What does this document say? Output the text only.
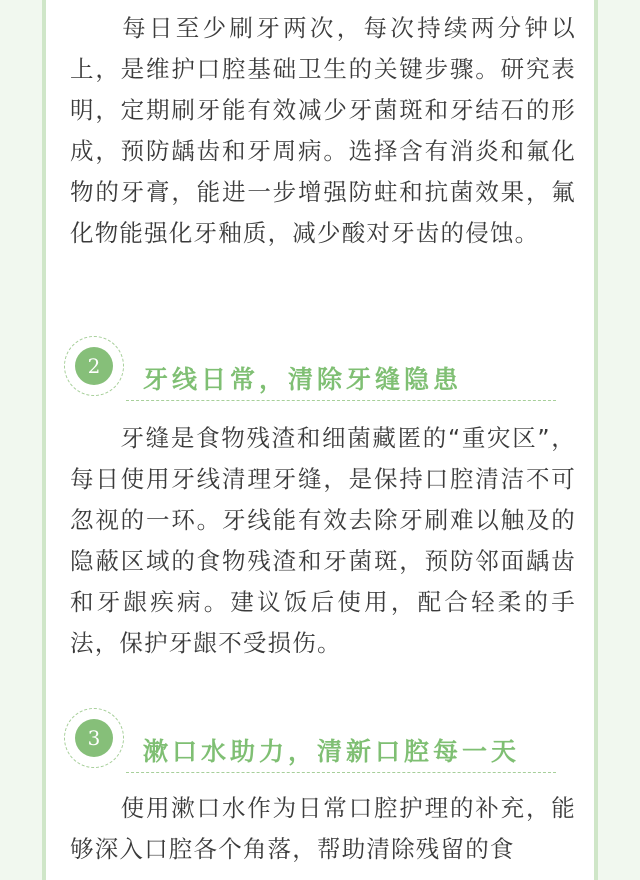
每日至少刷牙两次，每次持续两分钟以上，是维护口腔基础卫生的关键步骤。研究表明，定期刷牙能有效减少牙菌斑和牙结石的形成，预防龋齿和牙周病。选择含有消炎和氟化物的牙膏，能进一步增强防蛀和抗菌效果，氟化物能强化牙釉质，减少酸对牙齿的侵蚀。

2	牙线日常，清除牙缝隐患

牙缝是食物残渣和细菌藏匿的“重灾区”，每日使用牙线清理牙缝，是保持口腔清洁不可忽视的一环。牙线能有效去除牙刷难以触及的隐蔽区域的食物残渣和牙菌斑，预防邻面龋齿和牙龈疾病。建议饭后使用，配合轻柔的手法，保护牙龈不受损伤。

3	漱口水助力，清新口腔每一天

使用漱口水作为日常口腔护理的补充，能够深入口腔各个角落，帮助清除残留的食
